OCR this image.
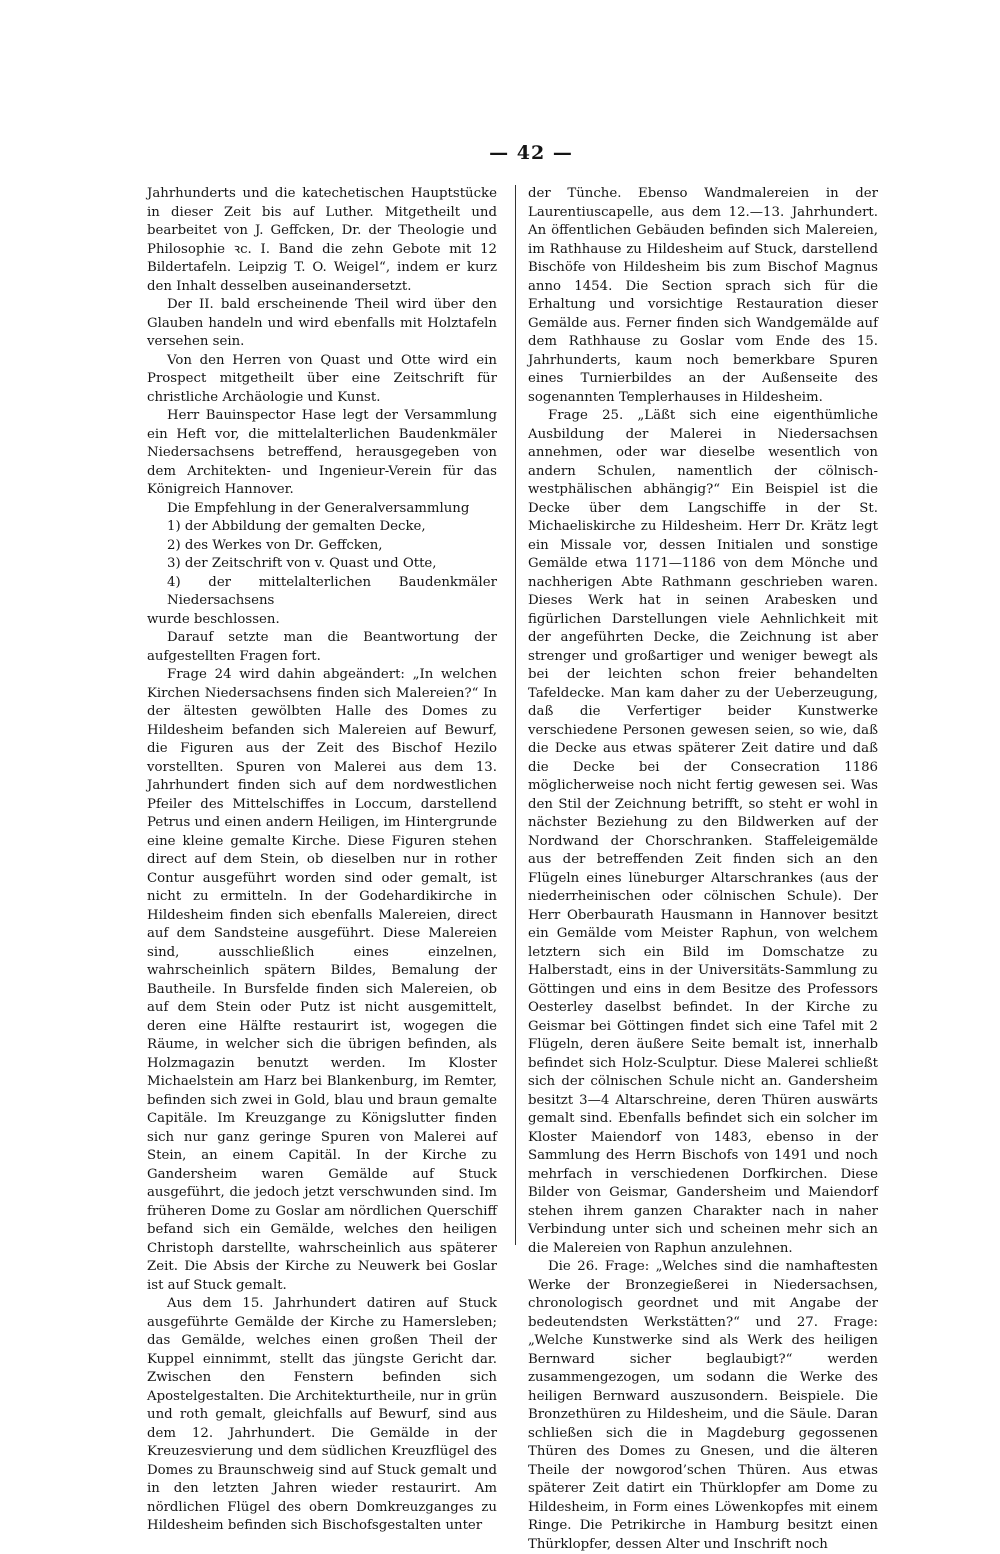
— 42 —

Jahrhunderts und die katechetischen Hauptstücke in dieser Zeit bis auf Luther. Mitgetheilt und bearbeitet von J. Geffcken, Dr. der Theologie und Philosophie ꝛc. I. Band die zehn Gebote mit 12 Bildertafeln. Leipzig T. O. Weigel“, indem er kurz den Inhalt desselben auseinandersetzt.

Der II. bald erscheinende Theil wird über den Glauben handeln und wird ebenfalls mit Holztafeln versehen sein.

Von den Herren von Quast und Otte wird ein Prospect mitgetheilt über eine Zeitschrift für christliche Archäologie und Kunst.

Herr Bauinspector Hase legt der Versammlung ein Heft vor, die mittelalterlichen Baudenkmäler Niedersachsens betreffend, herausgegeben von dem Architekten- und Ingenieur-Verein für das Königreich Hannover.

Die Empfehlung in der Generalversammlung

1) der Abbildung der gemalten Decke,
2) des Werkes von Dr. Geffcken,
3) der Zeitschrift von v. Quast und Otte,
4) der mittelalterlichen Baudenkmäler Niedersachsens

wurde beschlossen.

Darauf setzte man die Beantwortung der aufgestellten Fragen fort.

Frage 24 wird dahin abgeändert: „In welchen Kirchen Niedersachsens finden sich Malereien?“ In der ältesten gewölbten Halle des Domes zu Hildesheim befanden sich Malereien auf Bewurf, die Figuren aus der Zeit des Bischof Hezilo vorstellten. Spuren von Malerei aus dem 13. Jahrhundert finden sich auf dem nordwestlichen Pfeiler des Mittelschiffes in Loccum, darstellend Petrus und einen andern Heiligen, im Hintergrunde eine kleine gemalte Kirche. Diese Figuren stehen direct auf dem Stein, ob dieselben nur in rother Contur ausgeführt worden sind oder gemalt, ist nicht zu ermitteln. In der Godehardikirche in Hildesheim finden sich ebenfalls Malereien, direct auf dem Sandsteine ausgeführt. Diese Malereien sind, ausschließlich eines einzelnen, wahrscheinlich spätern Bildes, Bemalung der Bautheile. In Bursfelde finden sich Malereien, ob auf dem Stein oder Putz ist nicht ausgemittelt, deren eine Hälfte restaurirt ist, wogegen die Räume, in welcher sich die übrigen befinden, als Holzmagazin benutzt werden. Im Kloster Michaelstein am Harz bei Blankenburg, im Remter, befinden sich zwei in Gold, blau und braun gemalte Capitäle. Im Kreuzgange zu Königslutter finden sich nur ganz geringe Spuren von Malerei auf Stein, an einem Capitäl. In der Kirche zu Gandersheim waren Gemälde auf Stuck ausgeführt, die jedoch jetzt verschwunden sind. Im früheren Dome zu Goslar am nördlichen Querschiff befand sich ein Gemälde, welches den heiligen Christoph darstellte, wahrscheinlich aus späterer Zeit. Die Absis der Kirche zu Neuwerk bei Goslar ist auf Stuck gemalt.

Aus dem 15. Jahrhundert datiren auf Stuck ausgeführte Gemälde der Kirche zu Hamersleben; das Gemälde, welches einen großen Theil der Kuppel einnimmt, stellt das jüngste Gericht dar. Zwischen den Fenstern befinden sich Apostelgestalten. Die Architekturtheile, nur in grün und roth gemalt, gleichfalls auf Bewurf, sind aus dem 12. Jahrhundert. Die Gemälde in der Kreuzesvierung und dem südlichen Kreuzflügel des Domes zu Braunschweig sind auf Stuck gemalt und in den letzten Jahren wieder restaurirt. Am nördlichen Flügel des obern Domkreuzganges zu Hildesheim befinden sich Bischofsgestalten unter

der Tünche. Ebenso Wandmalereien in der Laurentiuscapelle, aus dem 12.—13. Jahrhundert. An öffentlichen Gebäuden befinden sich Malereien, im Rathhause zu Hildesheim auf Stuck, darstellend Bischöfe von Hildesheim bis zum Bischof Magnus anno 1454. Die Section sprach sich für die Erhaltung und vorsichtige Restauration dieser Gemälde aus. Ferner finden sich Wandgemälde auf dem Rathhause zu Goslar vom Ende des 15. Jahrhunderts, kaum noch bemerkbare Spuren eines Turnierbildes an der Außenseite des sogenannten Templerhauses in Hildesheim.

Frage 25. „Läßt sich eine eigenthümliche Ausbildung der Malerei in Niedersachsen annehmen, oder war dieselbe wesentlich von andern Schulen, namentlich der cölnisch-westphälischen abhängig?“ Ein Beispiel ist die Decke über dem Langschiffe in der St. Michaeliskirche zu Hildesheim. Herr Dr. Krätz legt ein Missale vor, dessen Initialen und sonstige Gemälde etwa 1171—1186 von dem Mönche und nachherigen Abte Rathmann geschrieben waren. Dieses Werk hat in seinen Arabesken und figürlichen Darstellungen viele Aehnlichkeit mit der angeführten Decke, die Zeichnung ist aber strenger und großartiger und weniger bewegt als bei der leichten schon freier behandelten Tafeldecke. Man kam daher zu der Ueberzeugung, daß die Verfertiger beider Kunstwerke verschiedene Personen gewesen seien, so wie, daß die Decke aus etwas späterer Zeit datire und daß die Decke bei der Consecration 1186 möglicherweise noch nicht fertig gewesen sei. Was den Stil der Zeichnung betrifft, so steht er wohl in nächster Beziehung zu den Bildwerken auf der Nordwand der Chorschranken. Staffeleigemälde aus der betreffenden Zeit finden sich an den Flügeln eines lüneburger Altarschrankes (aus der niederrheinischen oder cölnischen Schule). Der Herr Oberbaurath Hausmann in Hannover besitzt ein Gemälde vom Meister Raphun, von welchem letztern sich ein Bild im Domschatze zu Halberstadt, eins in der Universitäts-Sammlung zu Göttingen und eins in dem Besitze des Professors Oesterley daselbst befindet. In der Kirche zu Geismar bei Göttingen findet sich eine Tafel mit 2 Flügeln, deren äußere Seite bemalt ist, innerhalb befindet sich Holz-Sculptur. Diese Malerei schließt sich der cölnischen Schule nicht an. Gandersheim besitzt 3—4 Altarschreine, deren Thüren auswärts gemalt sind. Ebenfalls befindet sich ein solcher im Kloster Maiendorf von 1483, ebenso in der Sammlung des Herrn Bischofs von 1491 und noch mehrfach in verschiedenen Dorfkirchen. Diese Bilder von Geismar, Gandersheim und Maiendorf stehen ihrem ganzen Charakter nach in naher Verbindung unter sich und scheinen mehr sich an die Malereien von Raphun anzulehnen.

Die 26. Frage: „Welches sind die namhaftesten Werke der Bronzegießerei in Niedersachsen, chronologisch geordnet und mit Angabe der bedeutendsten Werkstätten?“ und 27. Frage: „Welche Kunstwerke sind als Werk des heiligen Bernward sicher beglaubigt?“ werden zusammengezogen, um sodann die Werke des heiligen Bernward auszusondern. Beispiele. Die Bronzethüren zu Hildesheim, und die Säule. Daran schließen sich die in Magdeburg gegossenen Thüren des Domes zu Gnesen, und die älteren Theile der nowgorod’schen Thüren. Aus etwas späterer Zeit datirt ein Thürklopfer am Dome zu Hildesheim, in Form eines Löwenkopfes mit einem Ringe. Die Petrikirche in Hamburg besitzt einen Thürklopfer, dessen Alter und Inschrift noch
